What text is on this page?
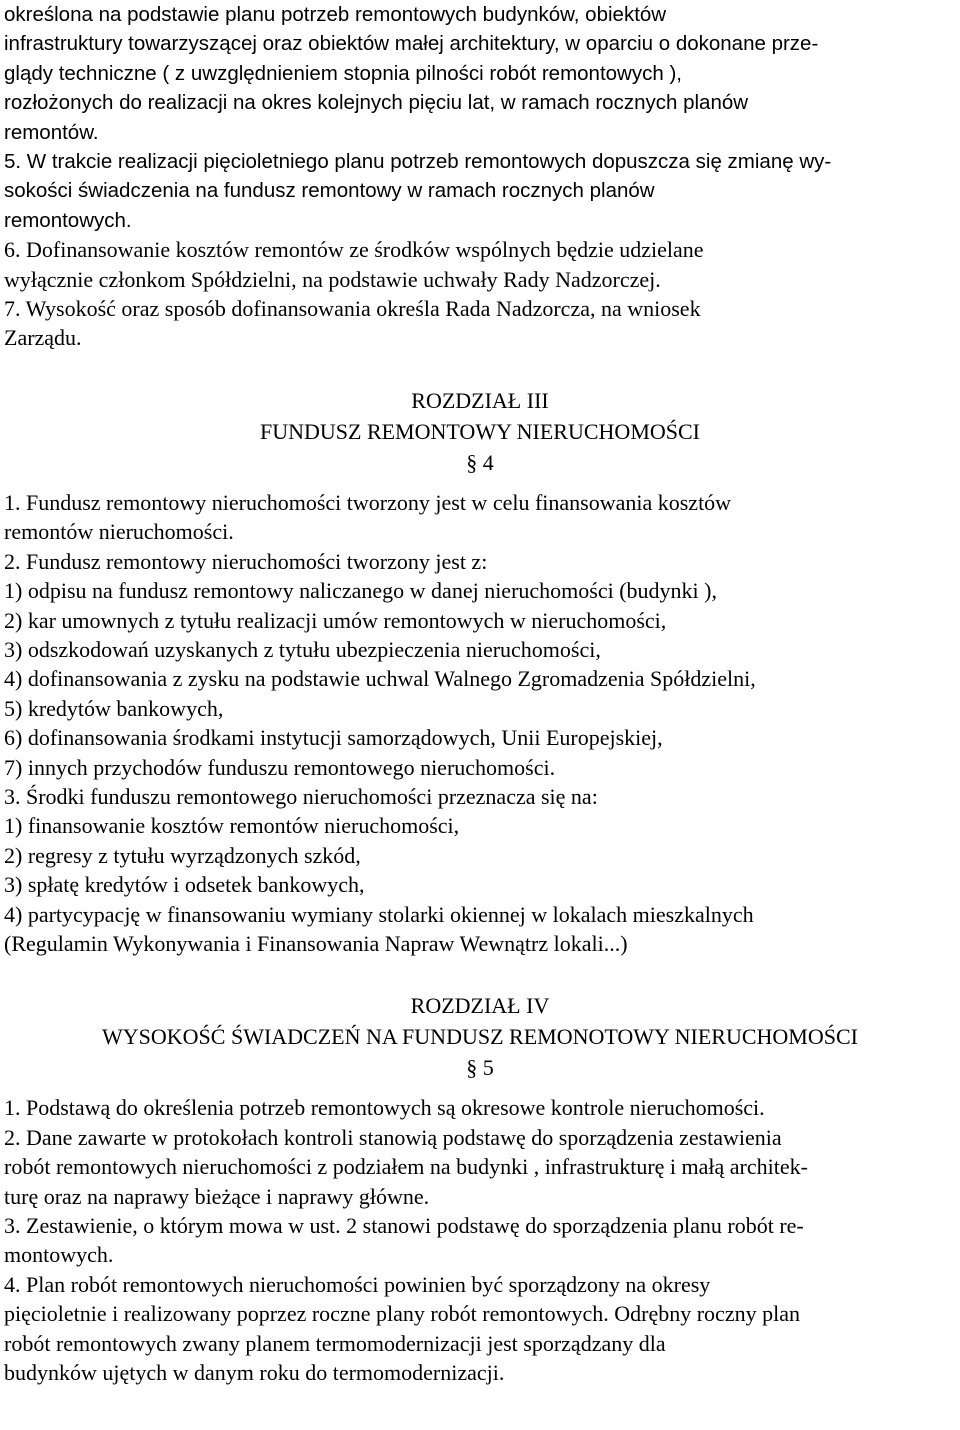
określona na podstawie planu potrzeb remontowych budynków, obiektów
infrastruktury towarzyszącej oraz obiektów małej architektury, w oparciu o dokonane prze-
glądy techniczne ( z uwzględnieniem stopnia pilności robót remontowych ),
rozłożonych do realizacji na okres kolejnych pięciu lat, w ramach rocznych planów
remontów.
5. W trakcie realizacji pięcioletniego planu potrzeb remontowych dopuszcza się zmianę wy-
sokości świadczenia na fundusz remontowy w ramach rocznych planów
remontowych.
6. Dofinansowanie kosztów remontów ze środków wspólnych będzie udzielane
wyłącznie członkom Spółdzielni, na podstawie uchwały Rady Nadzorczej.
7. Wysokość oraz sposób dofinansowania określa Rada Nadzorcza, na wniosek
Zarządu.
ROZDZIAŁ III
FUNDUSZ REMONTOWY NIERUCHOMOŚCI
§ 4
1. Fundusz remontowy nieruchomości tworzony jest w celu finansowania kosztów
remontów nieruchomości.
2. Fundusz remontowy nieruchomości tworzony jest z:
1) odpisu na fundusz remontowy naliczanego w danej nieruchomości (budynki ),
2) kar umownych z tytułu realizacji umów remontowych w nieruchomości,
3) odszkodowań uzyskanych z tytułu ubezpieczenia nieruchomości,
4) dofinansowania z zysku na podstawie uchwal Walnego Zgromadzenia Spółdzielni,
5) kredytów bankowych,
6) dofinansowania środkami instytucji samorządowych, Unii Europejskiej,
7) innych przychodów funduszu remontowego nieruchomości.
3. Środki funduszu remontowego nieruchomości przeznacza się na:
1) finansowanie kosztów remontów nieruchomości,
2) regresy z tytułu wyrządzonych szkód,
3) spłatę kredytów i odsetek bankowych,
4) partycypację w finansowaniu wymiany stolarki okiennej w lokalach mieszkalnych
(Regulamin Wykonywania i Finansowania Napraw Wewnątrz lokali...)
ROZDZIAŁ IV
WYSOKOŚĆ ŚWIADCZEŃ NA FUNDUSZ REMONOTOWY NIERUCHOMOŚCI
§ 5
1. Podstawą do określenia potrzeb remontowych są okresowe kontrole nieruchomości.
2. Dane zawarte w protokołach kontroli stanowią podstawę do sporządzenia zestawienia
robót remontowych nieruchomości z podziałem na budynki , infrastrukturę i małą architek-
turę oraz na naprawy bieżące i naprawy główne.
3. Zestawienie, o którym mowa w ust. 2 stanowi podstawę do sporządzenia planu robót re-
montowych.
4. Plan robót remontowych nieruchomości powinien być sporządzony na okresy
pięcioletnie i realizowany poprzez roczne plany robót remontowych. Odrębny roczny plan
robót remontowych zwany planem termomodernizacji jest sporządzany dla
budynków ujętych w danym roku do termomodernizacji.
